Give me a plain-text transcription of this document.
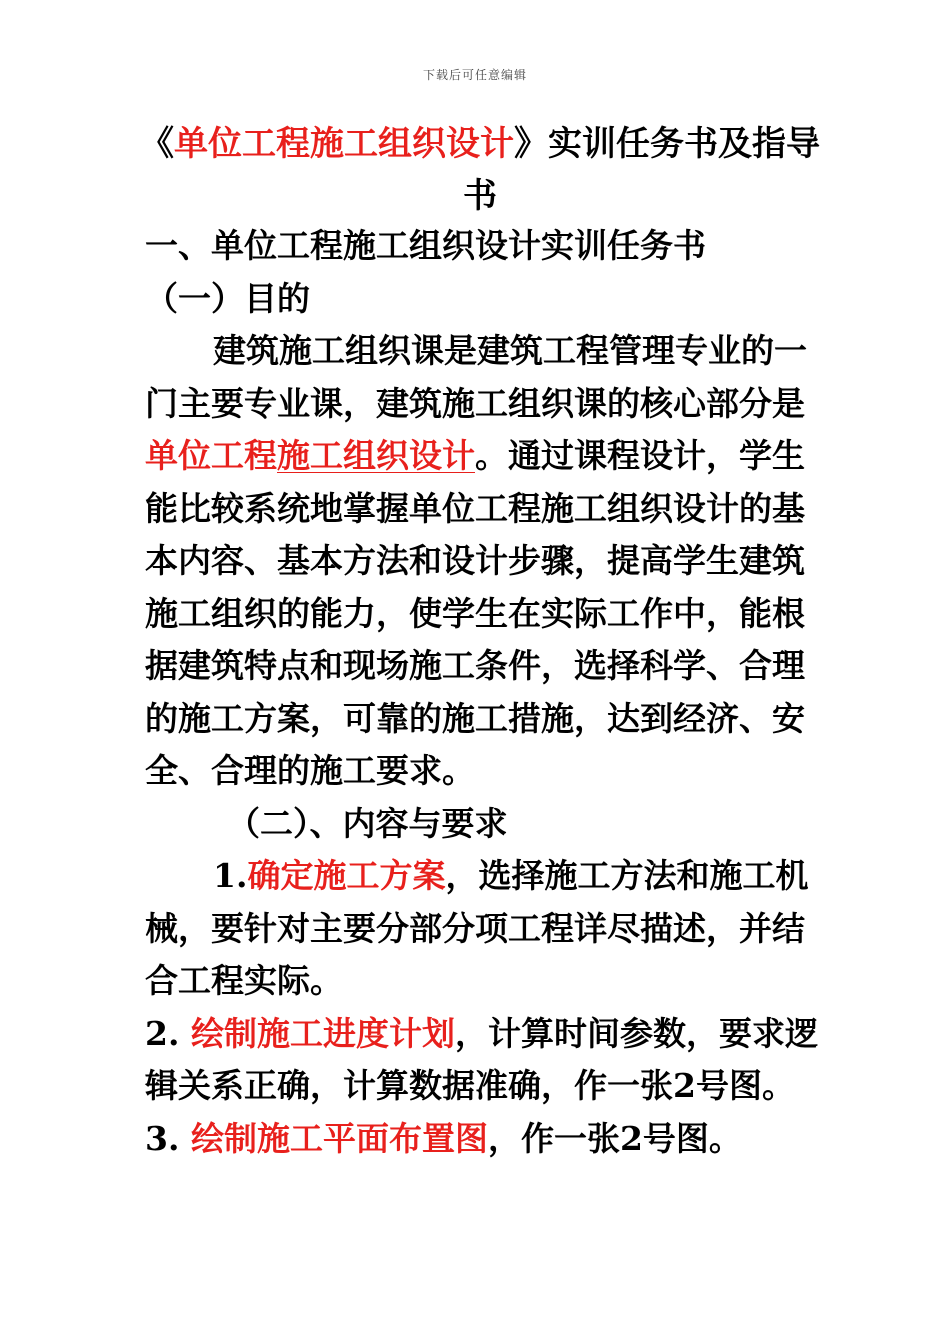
下载后可任意编辑
《单位工程施工组织设计》实训任务书及指导书

一、单位工程施工组织设计实训任务书

（一）目的

建筑施工组织课是建筑工程管理专业的一门主要专业课，建筑施工组织课的核心部分是单位工程施工组织设计。通过课程设计，学生能比较系统地掌握单位工程施工组织设计的基本内容、基本方法和设计步骤，提高学生建筑施工组织的能力，使学生在实际工作中，能根据建筑特点和现场施工条件，选择科学、合理的施工方案，可靠的施工措施，达到经济、安全、合理的施工要求。

（二）、内容与要求

1.确定施工方案，选择施工方法和施工机械，要针对主要分部分项工程详尽描述，并结合工程实际。

2. 绘制施工进度计划，计算时间参数，要求逻辑关系正确，计算数据准确，作一张2号图。

3. 绘制施工平面布置图，作一张2号图。
